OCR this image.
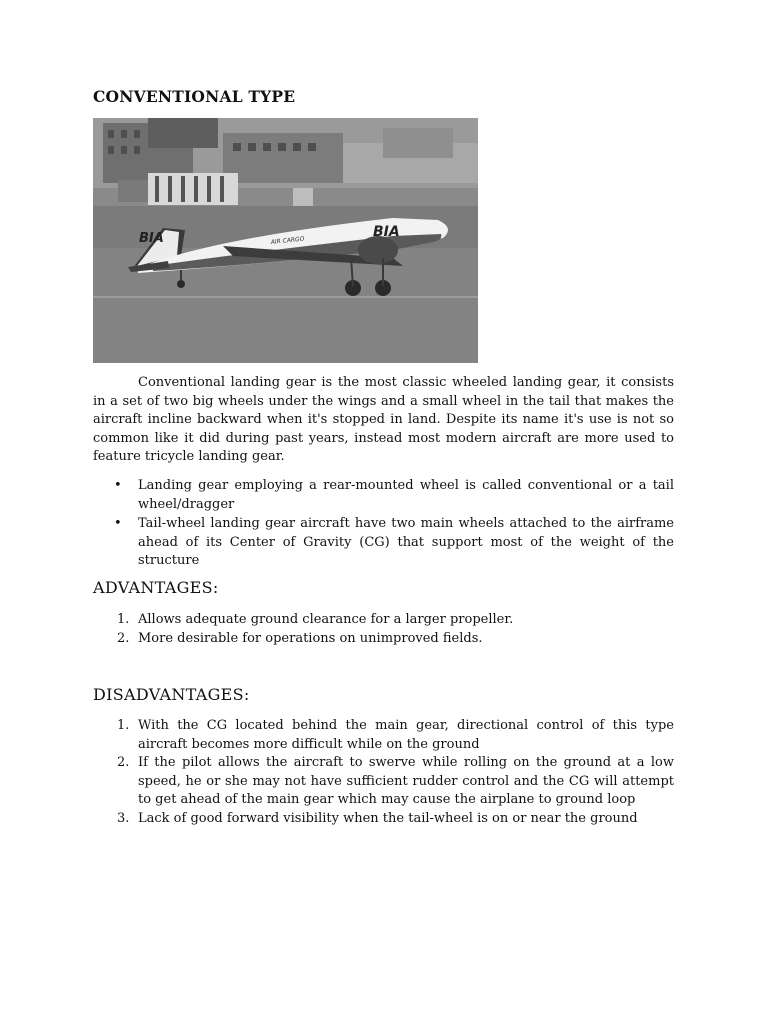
CONVENTIONAL TYPE
BIA	BIA
AIR CARGO

Conventional landing gear is the most classic wheeled landing gear, it consists in a set of two big wheels under the wings and a small wheel in the tail that makes the aircraft incline backward when it's stopped in land. Despite its name it's use is not so common like it did during past years, instead most modern aircraft are more used to feature tricycle landing gear.

• Landing gear employing a rear-mounted wheel is called conventional or a tail wheel/dragger
• Tail-wheel landing gear aircraft have two main wheels attached to the airframe ahead of its Center of Gravity (CG) that support most of the weight of the structure
ADVANTAGES:
1. Allows adequate ground clearance for a larger propeller.
2. More desirable for operations on unimproved fields.
DISADVANTAGES:
1. With the CG located behind the main gear, directional control of this type aircraft becomes more difficult while on the ground
2. If the pilot allows the aircraft to swerve while rolling on the ground at a low speed, he or she may not have sufficient rudder control and the CG will attempt to get ahead of the main gear which may cause the airplane to ground loop
3. Lack of good forward visibility when the tail-wheel is on or near the ground
